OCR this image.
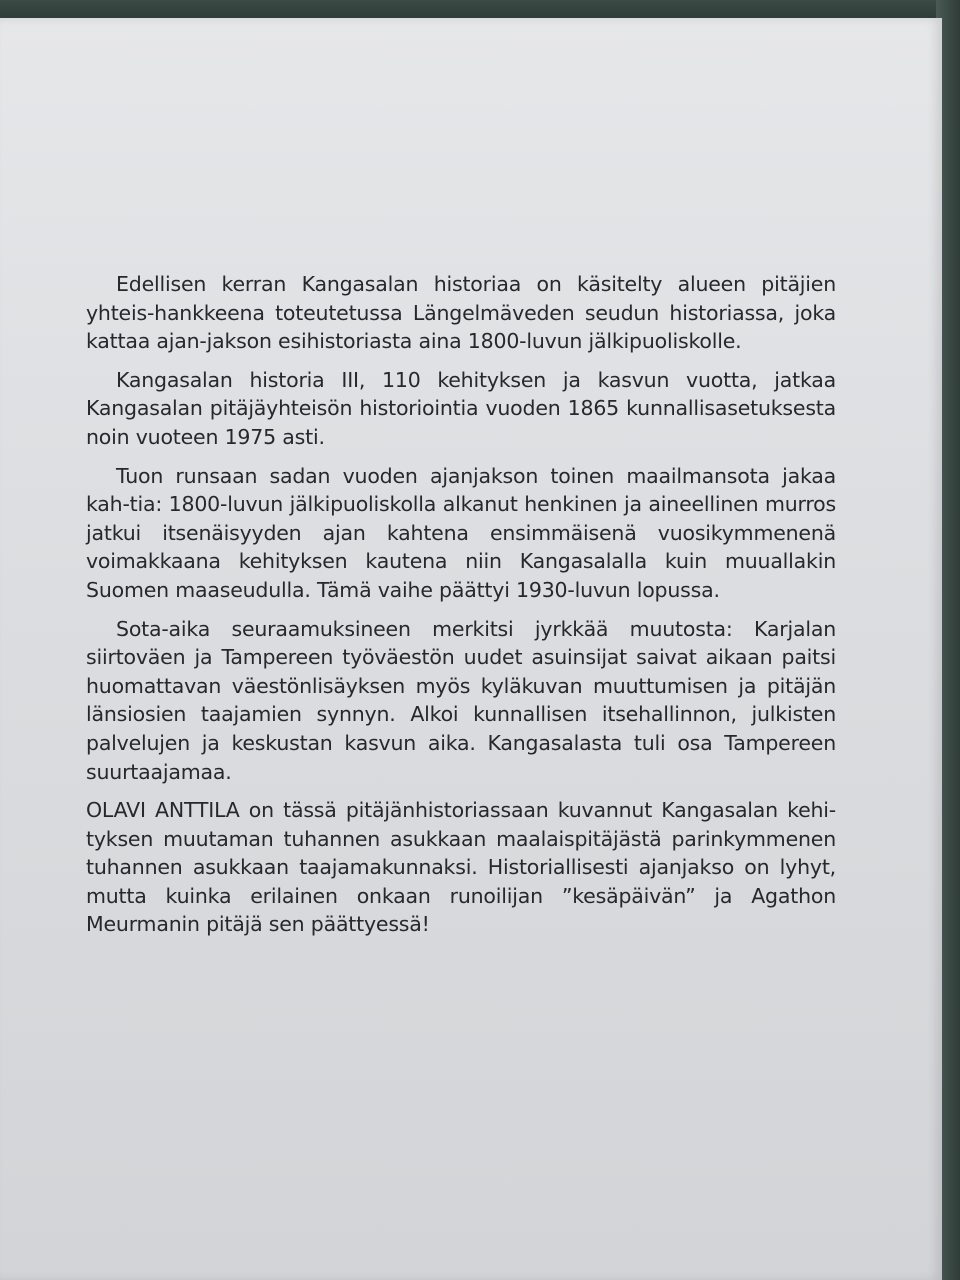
Edellisen kerran Kangasalan historiaa on käsitelty alueen pitäjien yhteis-hankkeena toteutetussa Längelmäveden seudun historiassa, joka kattaa ajan-jakson esihistoriasta aina 1800-luvun jälkipuoliskolle.

Kangasalan historia III, 110 kehityksen ja kasvun vuotta, jatkaa Kangasalan pitäjäyhteisön historiointia vuoden 1865 kunnallisasetuksesta noin vuoteen 1975 asti.

Tuon runsaan sadan vuoden ajanjakson toinen maailmansota jakaa kah-tia: 1800-luvun jälkipuoliskolla alkanut henkinen ja aineellinen murros jatkui itsenäisyyden ajan kahtena ensimmäisenä vuosikymmenenä voimakkaana kehityksen kautena niin Kangasalalla kuin muuallakin Suomen maaseudulla. Tämä vaihe päättyi 1930-luvun lopussa.

Sota-aika seuraamuksineen merkitsi jyrkkää muutosta: Karjalan siirtoväen ja Tampereen työväestön uudet asuinsijat saivat aikaan paitsi huomattavan väestönlisäyksen myös kyläkuvan muuttumisen ja pitäjän länsiosien taajamien synnyn. Alkoi kunnallisen itsehallinnon, julkisten palvelujen ja keskustan kasvun aika. Kangasalasta tuli osa Tampereen suurtaajamaa.

OLAVI ANTTILA on tässä pitäjänhistoriassaan kuvannut Kangasalan kehi-tyksen muutaman tuhannen asukkaan maalaispitäjästä parinkymmenen tuhannen asukkaan taajamakunnaksi. Historiallisesti ajanjakso on lyhyt, mutta kuinka erilainen onkaan runoilijan ”kesäpäivän” ja Agathon Meurmanin pitäjä sen päättyessä!
